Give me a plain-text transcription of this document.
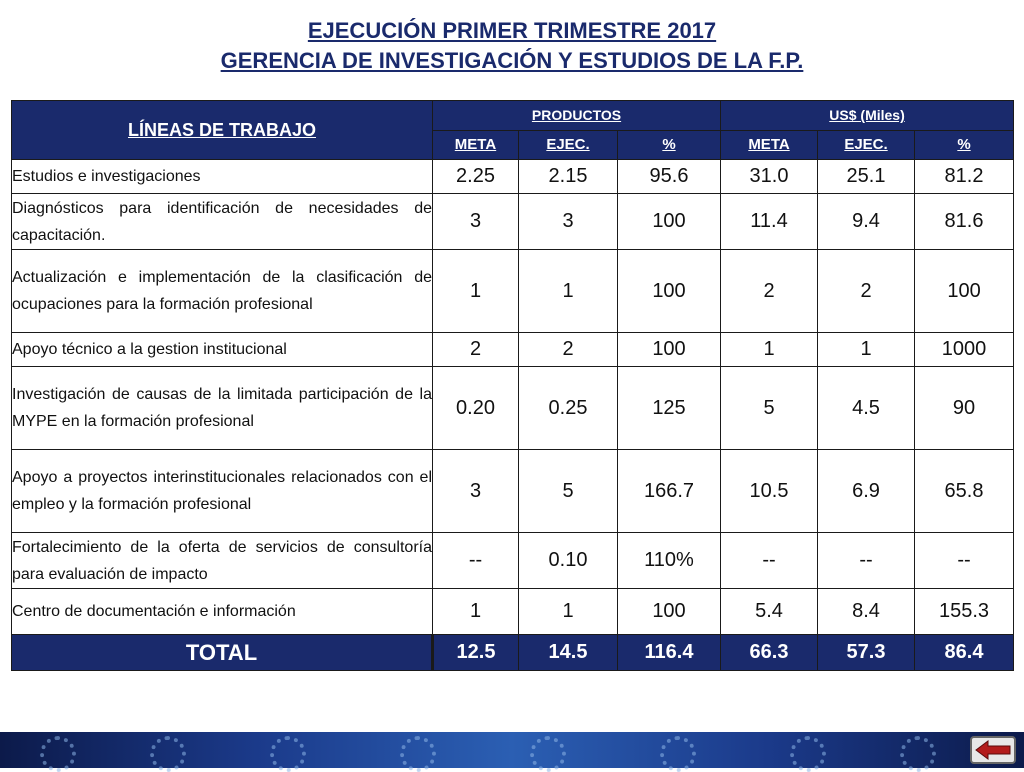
EJECUCIÓN PRIMER TRIMESTRE 2017
GERENCIA DE INVESTIGACIÓN Y ESTUDIOS DE LA F.P.
LÍNEAS DE TRABAJO	PRODUCTOS			US$ (Miles)		
	META	EJEC.	%	META	EJEC.	%
Estudios e investigaciones	2.25	2.15	95.6	31.0	25.1	81.2
Diagnósticos para identificación de necesidades de capacitación.	3	3	100	11.4	9.4	81.6
Actualización e implementación de la clasificación de ocupaciones para la formación profesional	1	1	100	2	2	100
Apoyo técnico a la gestion institucional	2	2	100	1	1	1000
Investigación de causas de la limitada participación de la MYPE en la formación profesional	0.20	0.25	125	5	4.5	90
Apoyo a proyectos interinstitucionales relacionados con el empleo y la formación profesional	3	5	166.7	10.5	6.9	65.8
Fortalecimiento de la oferta de servicios de consultoría para evaluación de impacto	--	0.10	110%	--	--	--
Centro de documentación e información	1	1	100	5.4	8.4	155.3
TOTAL	12.5	14.5	116.4	66.3	57.3	86.4
